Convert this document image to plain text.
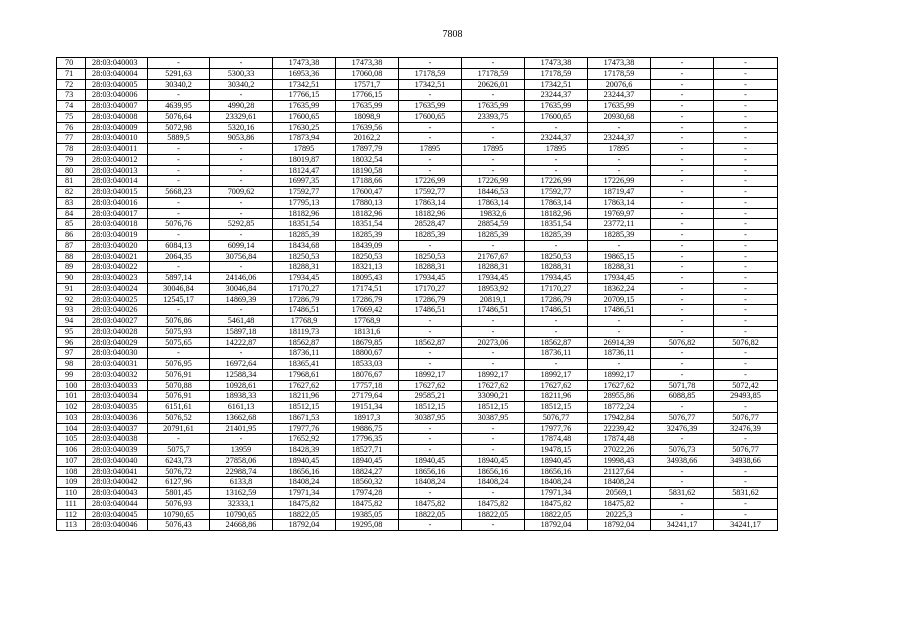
7808
70	28:03:040003	-	-	17473,38	17473,38	-	-	17473,38	17473,38	-	-
71	28:03:040004	5291,63	5300,33	16953,36	17060,08	17178,59	17178,59	17178,59	17178,59	-	-
72	28:03:040005	30340,2	30340,2	17342,51	17571,7	17342,51	20626,01	17342,51	20076,6	-	-
73	28:03:040006	-	-	17766,15	17766,15	-	-	23244,37	23244,37	-	-
74	28:03:040007	4639,95	4990,28	17635,99	17635,99	17635,99	17635,99	17635,99	17635,99	-	-
75	28:03:040008	5076,64	23329,61	17600,65	18098,9	17600,65	23393,75	17600,65	20930,68	-	-
76	28:03:040009	5072,98	5320,16	17630,25	17639,56	-	-	-	-	-	-
77	28:03:040010	5889,5	9053,86	17873,94	20162,2	-	-	23244,37	23244,37	-	-
78	28:03:040011	-	-	17895	17897,79	17895	17895	17895	17895	-	-
79	28:03:040012	-	-	18019,87	18032,54	-	-	-	-	-	-
80	28:03:040013	-	-	18124,47	18190,58	-	-	-	-	-	-
81	28:03:040014	-	-	16997,35	17188,66	17226,99	17226,99	17226,99	17226,99	-	-
82	28:03:040015	5668,23	7009,62	17592,77	17600,47	17592,77	18446,53	17592,77	18719,47	-	-
83	28:03:040016	-	-	17795,13	17880,13	17863,14	17863,14	17863,14	17863,14	-	-
84	28:03:040017	-	-	18182,96	18182,96	18182,96	19832,6	18182,96	19769,97	-	-
85	28:03:040018	5076,76	5292,85	18351,54	18351,54	28528,47	28854,59	18351,54	23772,11	-	-
86	28:03:040019	-	-	18285,39	18285,39	18285,39	18285,39	18285,39	18285,39	-	-
87	28:03:040020	6084,13	6099,14	18434,68	18439,09	-	-	-	-	-	-
88	28:03:040021	2064,35	30756,84	18250,53	18250,53	18250,53	21767,67	18250,53	19865,15	-	-
89	28:03:040022	-	-	18288,31	18321,13	18288,31	18288,31	18288,31	18288,31	-	-
90	28:03:040023	5897,14	24146,06	17934,45	18095,43	17934,45	17934,45	17934,45	17934,45	-	-
91	28:03:040024	30046,84	30046,84	17170,27	17174,51	17170,27	18953,92	17170,27	18362,24	-	-
92	28:03:040025	12545,17	14869,39	17286,79	17286,79	17286,79	20819,1	17286,79	20709,15	-	-
93	28:03:040026	-	-	17486,51	17669,42	17486,51	17486,51	17486,51	17486,51	-	-
94	28:03:040027	5076,86	5461,48	17768,9	17768,9	-	-	-	-	-	-
95	28:03:040028	5075,93	15897,18	18119,73	18131,6	-	-	-	-	-	-
96	28:03:040029	5075,65	14222,87	18562,87	18679,85	18562,87	20273,06	18562,87	26914,39	5076,82	5076,82
97	28:03:040030	-	-	18736,11	18800,67	-	-	18736,11	18736,11	-	-
98	28:03:040031	5076,95	16972,64	18365,41	18533,03	-	-	-	-	-	-
99	28:03:040032	5076,91	12588,34	17968,61	18076,67	18992,17	18992,17	18992,17	18992,17	-	-
100	28:03:040033	5070,88	10928,61	17627,62	17757,18	17627,62	17627,62	17627,62	17627,62	5071,78	5072,42
101	28:03:040034	5076,91	18938,33	18211,96	27179,64	29585,21	33090,21	18211,96	28955,86	6088,85	29493,85
102	28:03:040035	6151,61	6161,13	18512,15	19151,34	18512,15	18512,15	18512,15	18772,24	-	-
103	28:03:040036	5076,52	13662,68	18671,53	18917,3	30387,95	30387,95	5076,77	17942,84	5076,77	5076,77
104	28:03:040037	20791,61	21401,95	17977,76	19886,75	-	-	17977,76	22239,42	32476,39	32476,39
105	28:03:040038	-	-	17652,92	17796,35	-	-	17874,48	17874,48	-	-
106	28:03:040039	5075,7	13959	18428,39	18527,71	-	-	19478,15	27022,26	5076,73	5076,77
107	28:03:040040	6243,73	27858,06	18940,45	18940,45	18940,45	18940,45	18940,45	19998,43	34938,66	34938,66
108	28:03:040041	5076,72	22988,74	18656,16	18824,27	18656,16	18656,16	18656,16	21127,64	-	-
109	28:03:040042	6127,96	6133,8	18408,24	18560,32	18408,24	18408,24	18408,24	18408,24	-	-
110	28:03:040043	5801,45	13162,59	17971,34	17974,28	-	-	17971,34	20569,1	5831,62	5831,62
111	28:03:040044	5076,93	32333,1	18475,82	18475,82	18475,82	18475,82	18475,82	18475,82	-	-
112	28:03:040045	10790,65	10790,65	18822,05	19385,05	18822,05	18822,05	18822,05	20225,3	-	-
113	28:03:040046	5076,43	24668,86	18792,04	19295,08	-	-	18792,04	18792,04	34241,17	34241,17
